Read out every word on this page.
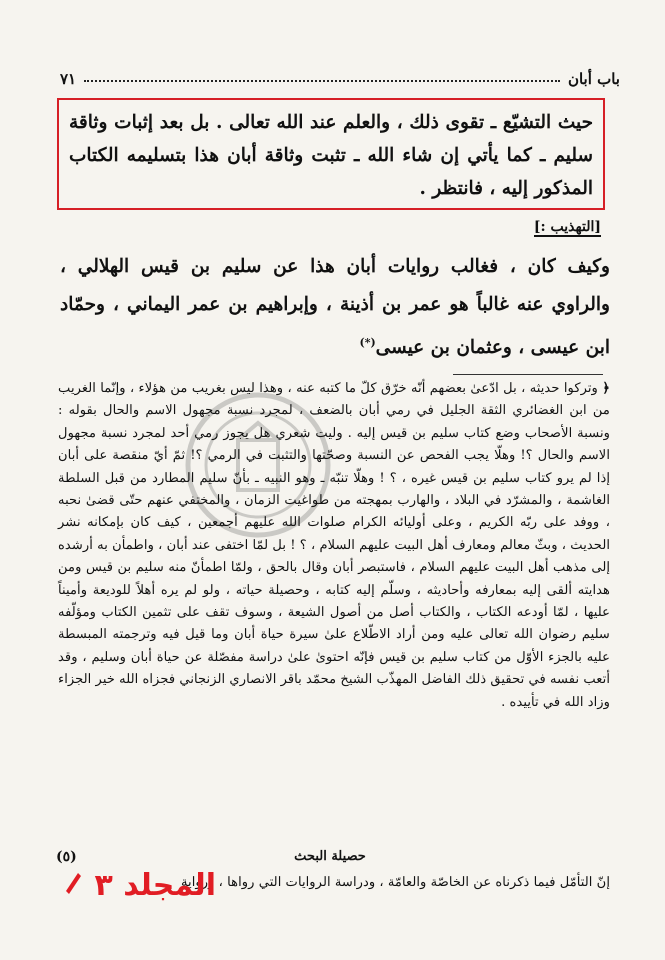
باب أبان
٧١
حيث التشيّع ـ تقوى ذلك ، والعلم عند الله تعالى . بل بعد إثبات وثاقة سليم ـ كما يأتي إن شاء الله ـ تثبت وثاقة أبان هذا بتسليمه الكتاب المذكور إليه ، فانتظر .
[التهذيب :]
وكيف كان ، فغالب روايات أبان هذا عن سليم بن قيس الهلالي ، والراوي عنه غالباً هو عمر بن أذينة ، وإبراهيم بن عمر اليماني ، وحمّاد ابن عيسى ، وعثمان بن عيسى(*)
﴿ وتركوا حديثه ، بل ادّعىٰ بعضهم أنّه خرّق كلّ ما كتبه عنه ، وهذا ليس بغريب من هؤلاء ، وإنّما الغريب من ابن الغضائري الثقة الجليل في رمي أبان بالضعف ، لمجرد نسبة مجهول الاسم والحال بقوله : ونسبة الأصحاب وضع كتاب سليم بن قيس إليه . وليت شعري هل يجوز رمي أحد لمجرد نسبة مجهول الاسم والحال ؟! وهلّا يجب الفحص عن النسبة وصحّتها والتثبت في الرمي ؟! ثمّ أيّ منقصة على أبان إذا لم يرو كتاب سليم بن قيس غيره ، ؟ ! وهلّا تنبّه ـ وهو النبيه ـ بأنّ سليم المطارد من قبل السلطة الغاشمة ، والمشرّد في البلاد ، والهارب بمهجته من طواغيت الزمان ، والمختفي عنهم حتّى قضىٰ نحبه ، ووفد على ربّه الكريم ، وعلى أوليائه الكرام صلوات الله عليهم أجمعين ، كيف كان بإمكانه نشر الحديث ، وبثّ معالم ومعارف أهل البيت عليهم السلام ، ؟ ! بل لمّا اختفى عند أبان ، واطمأن به أرشده إلى مذهب أهل البيت عليهم السلام ، فاستبصر أبان وقال بالحق ، ولمّا اطمأنّ منه سليم بن قيس ومن هدايته ألقى إليه بمعارفه وأحاديثه ، وسلّم إليه كتابه ، وحصيلة حياته ، ولو لم يره أهلاً للوديعة وأميناً عليها ، لمّا أودعه الكتاب ، والكتاب أصل من أصول الشيعة ، وسوف تقف على تثمين الكتاب ومؤلّفه سليم رضوان الله تعالى عليه ومن أراد الاطّلاع علىٰ سيرة حياة أبان وما قيل فيه وترجمته المبسطة عليه بالجزء الأوّل من كتاب سليم بن قيس فإنّه احتوىٰ علىٰ دراسة مفصّلة عن حياة أبان وسليم ، وقد أتعب نفسه في تحقيق ذلك الفاضل المهذّب الشيخ محمّد باقر الانصاري الزنجاني فجزاه الله خير الجزاء وزاد الله في تأييده .
(٥)	حصيلة البحث
إنّ التأمّل فيما ذكرناه عن الخاصّة والعامّة ، ودراسة الروايات التي رواها ، ورواية
المجلد ٣
